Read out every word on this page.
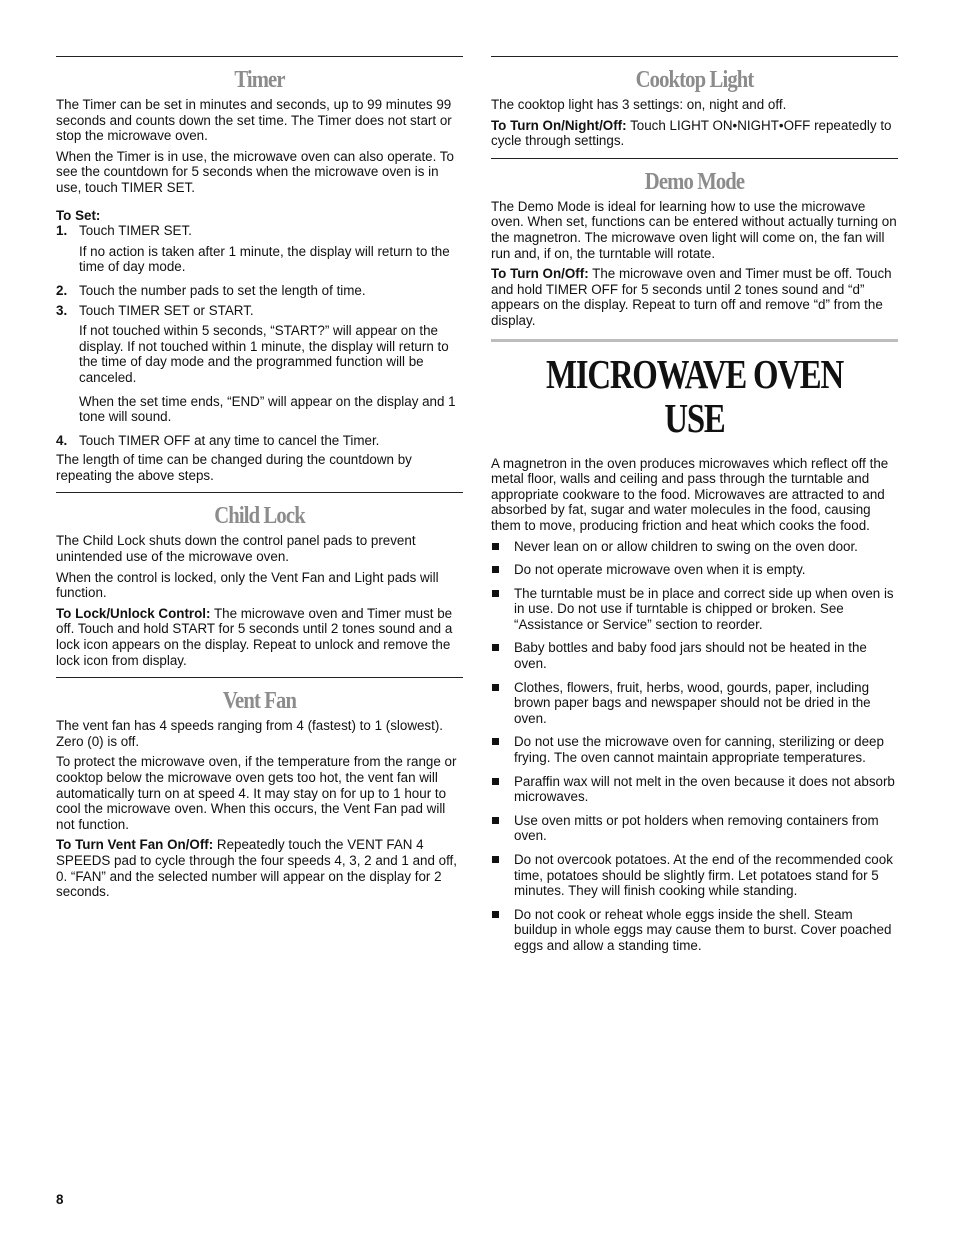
Timer

The Timer can be set in minutes and seconds, up to 99 minutes 99 seconds and counts down the set time. The Timer does not start or stop the microwave oven.

When the Timer is in use, the microwave oven can also operate. To see the countdown for 5 seconds when the microwave oven is in use, touch TIMER SET.

To Set:

1. Touch TIMER SET.

If no action is taken after 1 minute, the display will return to the time of day mode.

2. Touch the number pads to set the length of time.
3. Touch TIMER SET or START.

If not touched within 5 seconds, “START?” will appear on the display. If not touched within 1 minute, the display will return to the time of day mode and the programmed function will be canceled.

When the set time ends, “END” will appear on the display and 1 tone will sound.

4. Touch TIMER OFF at any time to cancel the Timer.

The length of time can be changed during the countdown by repeating the above steps.

Child Lock

The Child Lock shuts down the control panel pads to prevent unintended use of the microwave oven.

When the control is locked, only the Vent Fan and Light pads will function.

To Lock/Unlock Control: The microwave oven and Timer must be off. Touch and hold START for 5 seconds until 2 tones sound and a lock icon appears on the display. Repeat to unlock and remove the lock icon from display.

Vent Fan

The vent fan has 4 speeds ranging from 4 (fastest) to 1 (slowest). Zero (0) is off.

To protect the microwave oven, if the temperature from the range or cooktop below the microwave oven gets too hot, the vent fan will automatically turn on at speed 4. It may stay on for up to 1 hour to cool the microwave oven. When this occurs, the Vent Fan pad will not function.

To Turn Vent Fan On/Off: Repeatedly touch the VENT FAN 4 SPEEDS pad to cycle through the four speeds 4, 3, 2 and 1 and off, 0. “FAN” and the selected number will appear on the display for 2 seconds.

Cooktop Light

The cooktop light has 3 settings: on, night and off.

To Turn On/Night/Off: Touch LIGHT ON•NIGHT•OFF repeatedly to cycle through settings.

Demo Mode

The Demo Mode is ideal for learning how to use the microwave oven. When set, functions can be entered without actually turning on the magnetron. The microwave oven light will come on, the fan will run and, if on, the turntable will rotate.

To Turn On/Off: The microwave oven and Timer must be off. Touch and hold TIMER OFF for 5 seconds until 2 tones sound and “d” appears on the display. Repeat to turn off and remove “d” from the display.

MICROWAVE OVEN USE

A magnetron in the oven produces microwaves which reflect off the metal floor, walls and ceiling and pass through the turntable and appropriate cookware to the food. Microwaves are attracted to and absorbed by fat, sugar and water molecules in the food, causing them to move, producing friction and heat which cooks the food.

Never lean on or allow children to swing on the oven door.
Do not operate microwave oven when it is empty.
The turntable must be in place and correct side up when oven is in use. Do not use if turntable is chipped or broken. See “Assistance or Service” section to reorder.
Baby bottles and baby food jars should not be heated in the oven.
Clothes, flowers, fruit, herbs, wood, gourds, paper, including brown paper bags and newspaper should not be dried in the oven.
Do not use the microwave oven for canning, sterilizing or deep frying. The oven cannot maintain appropriate temperatures.
Paraffin wax will not melt in the oven because it does not absorb microwaves.
Use oven mitts or pot holders when removing containers from oven.
Do not overcook potatoes. At the end of the recommended cook time, potatoes should be slightly firm. Let potatoes stand for 5 minutes. They will finish cooking while standing.
Do not cook or reheat whole eggs inside the shell. Steam buildup in whole eggs may cause them to burst. Cover poached eggs and allow a standing time.
8
